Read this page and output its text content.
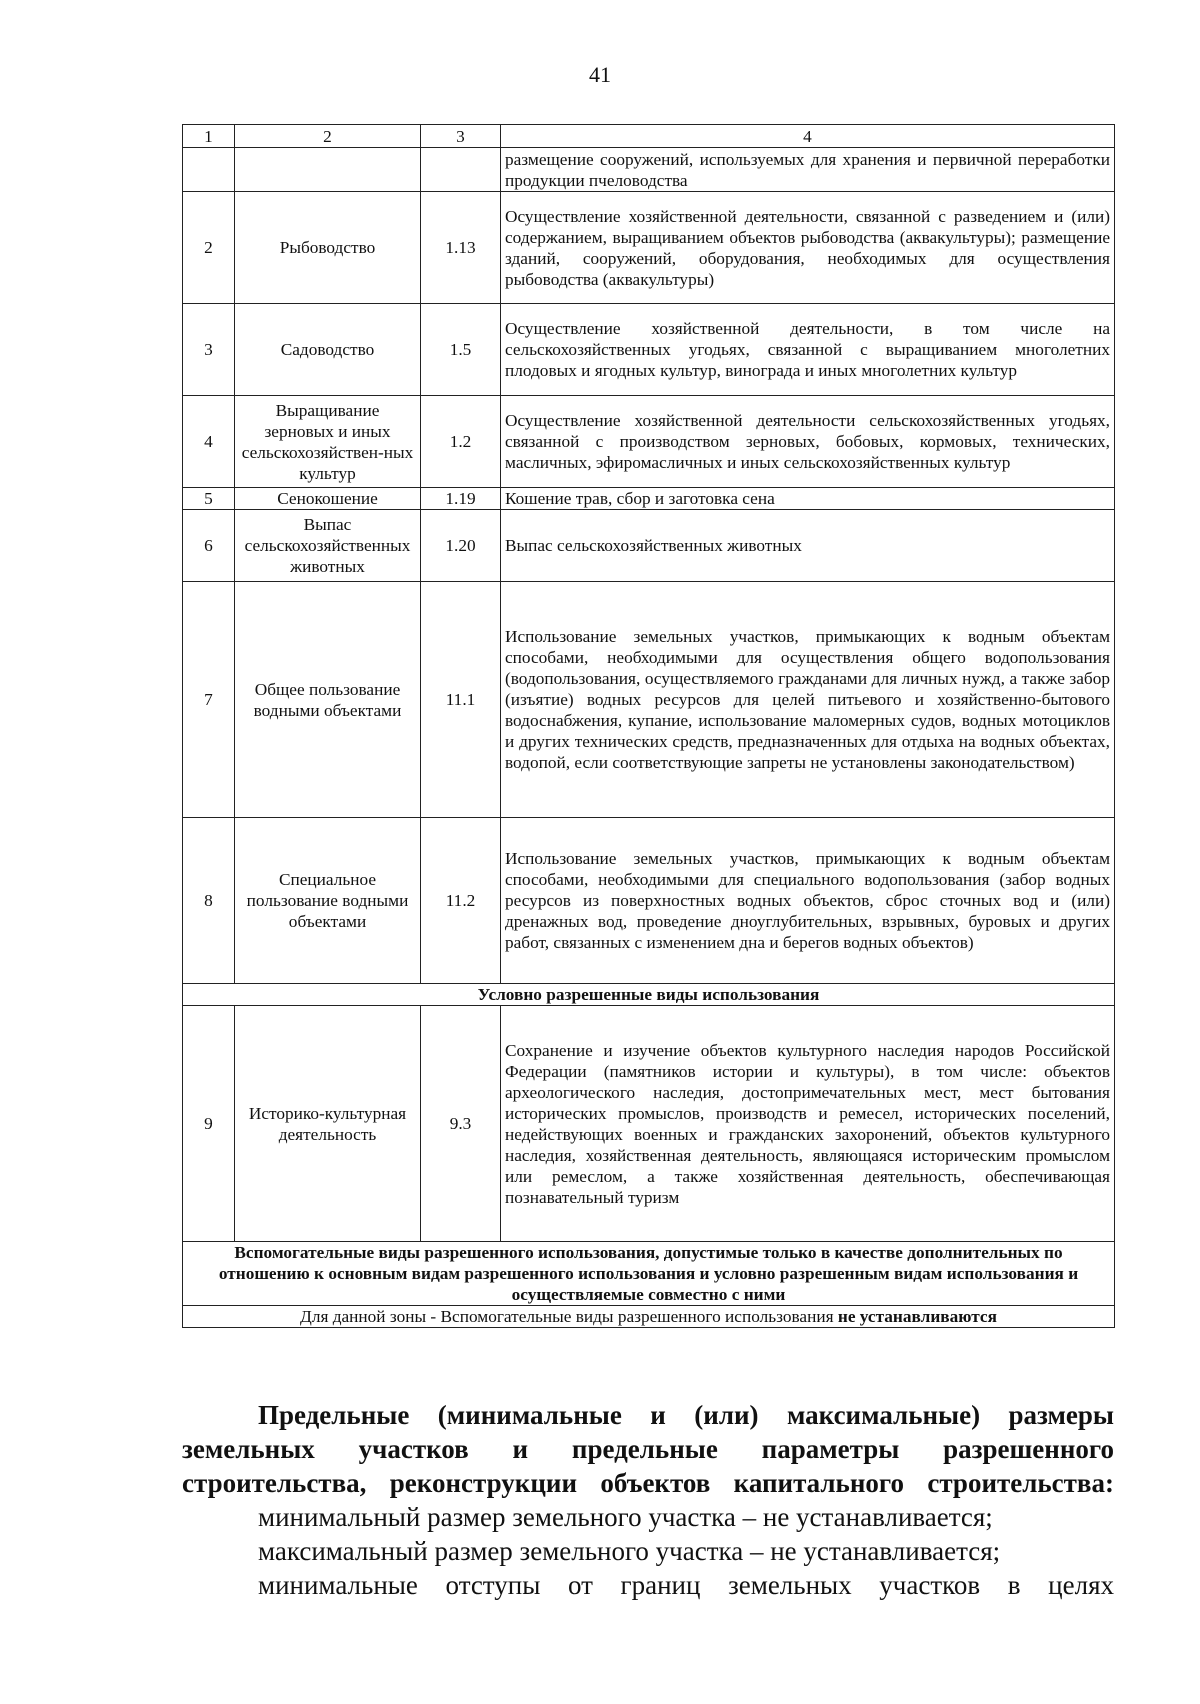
41
1	2	3	4
			размещение сооружений, используемых для хранения и первичной переработки продукции пчеловодства
2	Рыбоводство	1.13	Осуществление хозяйственной деятельности, связанной с разведением и (или) содержанием, выращиванием объектов рыбоводства (аквакультуры); размещение зданий, сооружений, оборудования, необходимых для осуществления рыбоводства (аквакультуры)
3	Садоводство	1.5	Осуществление хозяйственной деятельности, в том числе на сельскохозяйственных угодьях, связанной с выращиванием многолетних плодовых и ягодных культур, винограда и иных многолетних культур
4	Выращивание зерновых и иных сельскохозяйствен-ных культур	1.2	Осуществление хозяйственной деятельности сельскохозяйственных угодьях, связанной с производством зерновых, бобовых, кормовых, технических, масличных, эфиромасличных и иных сельскохозяйственных культур
5	Сенокошение	1.19	Кошение трав, сбор и заготовка сена
6	Выпас сельскохозяйственных животных	1.20	Выпас сельскохозяйственных животных
7	Общее пользование водными объектами	11.1	Использование земельных участков, примыкающих к водным объектам способами, необходимыми для осуществления общего водопользования (водопользования, осуществляемого гражданами для личных нужд, а также забор (изъятие) водных ресурсов для целей питьевого и хозяйственно-бытового водоснабжения, купание, использование маломерных судов, водных мотоциклов и других технических средств, предназначенных для отдыха на водных объектах, водопой, если соответствующие запреты не установлены законодательством)
8	Специальное пользование водными объектами	11.2	Использование земельных участков, примыкающих к водным объектам способами, необходимыми для специального водопользования (забор водных ресурсов из поверхностных водных объектов, сброс сточных вод и (или) дренажных вод, проведение дноуглубительных, взрывных, буровых и других работ, связанных с изменением дна и берегов водных объектов)
Условно разрешенные виды использования			
9	Историко-культурная деятельность	9.3	Сохранение и изучение объектов культурного наследия народов Российской Федерации (памятников истории и культуры), в том числе: объектов археологического наследия, достопримечательных мест, мест бытования исторических промыслов, производств и ремесел, исторических поселений, недействующих военных и гражданских захоронений, объектов культурного наследия, хозяйственная деятельность, являющаяся историческим промыслом или ремеслом, а также хозяйственная деятельность, обеспечивающая познавательный туризм
Вспомогательные виды разрешенного использования, допустимые только в качестве дополнительных по отношению к основным видам разрешенного использования и условно разрешенным видам использования и осуществляемые совместно с ними			
Для данной зоны - Вспомогательные виды разрешенного использования не устанавливаются			

Предельные (минимальные и (или) максимальные) размеры земельных участков и предельные параметры разрешенного

строительства, реконструкции объектов капитального строительства:

минимальный размер земельного участка – не устанавливается;

максимальный размер земельного участка – не устанавливается;

минимальные отступы от границ земельных участков в целях
